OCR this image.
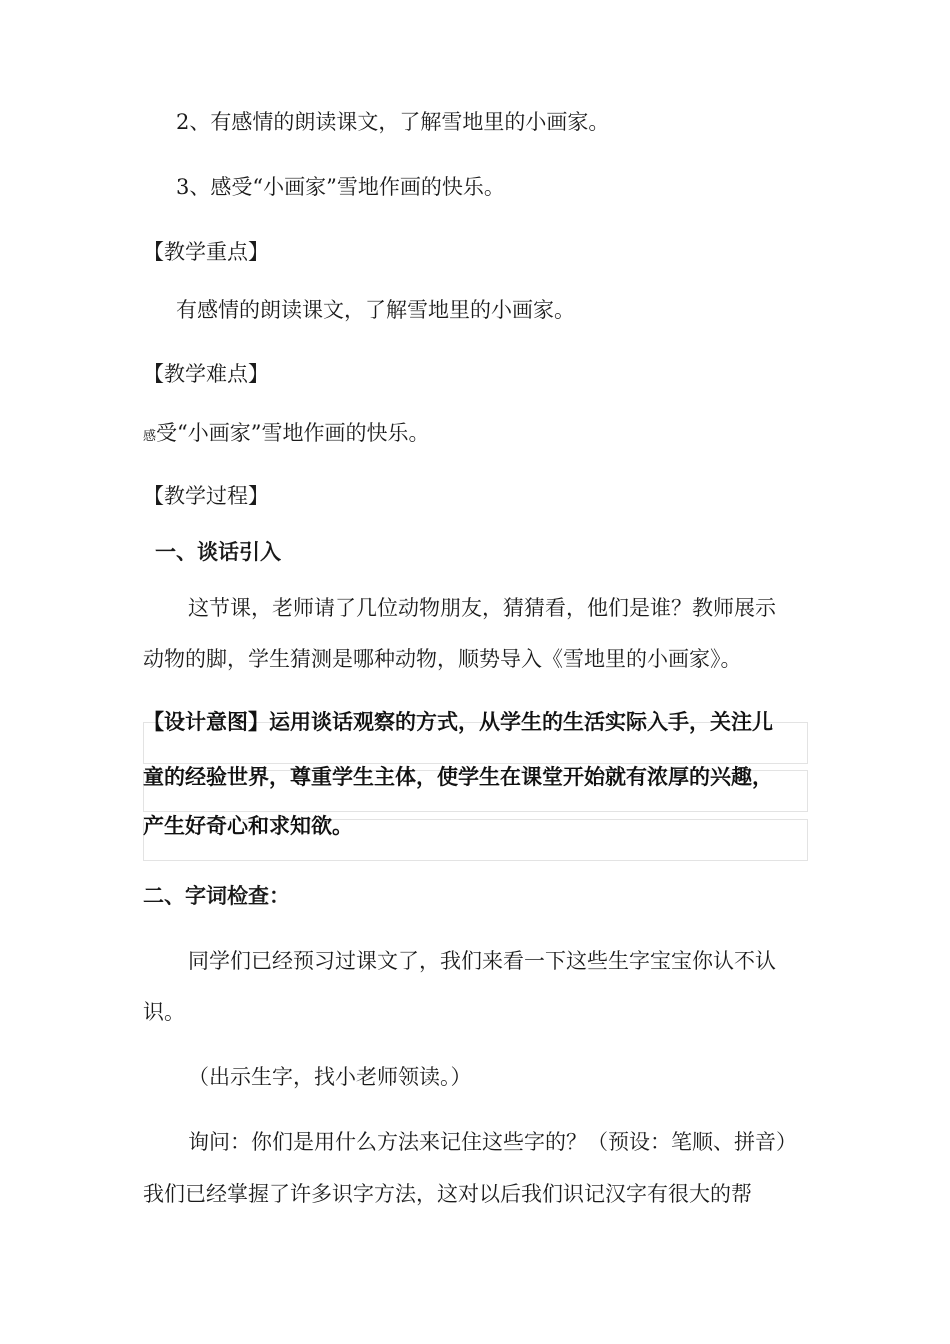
2、有感情的朗读课文，了解雪地里的小画家。
3、感受“小画家”雪地作画的快乐。
【教学重点】
有感情的朗读课文，了解雪地里的小画家。
【教学难点】
感受“小画家”雪地作画的快乐。
【教学过程】
一、谈话引入
这节课，老师请了几位动物朋友，猜猜看，他们是谁？教师展示
动物的脚，学生猜测是哪种动物，顺势导入《雪地里的小画家》。
【设计意图】运用谈话观察的方式，从学生的生活实际入手，关注儿
童的经验世界，尊重学生主体，使学生在课堂开始就有浓厚的兴趣，
产生好奇心和求知欲。
二、字词检查：
同学们已经预习过课文了，我们来看一下这些生字宝宝你认不认
识。
（出示生字，找小老师领读。）
询问：你们是用什么方法来记住这些字的？（预设：笔顺、拼音）
我们已经掌握了许多识字方法，这对以后我们识记汉字有很大的帮
